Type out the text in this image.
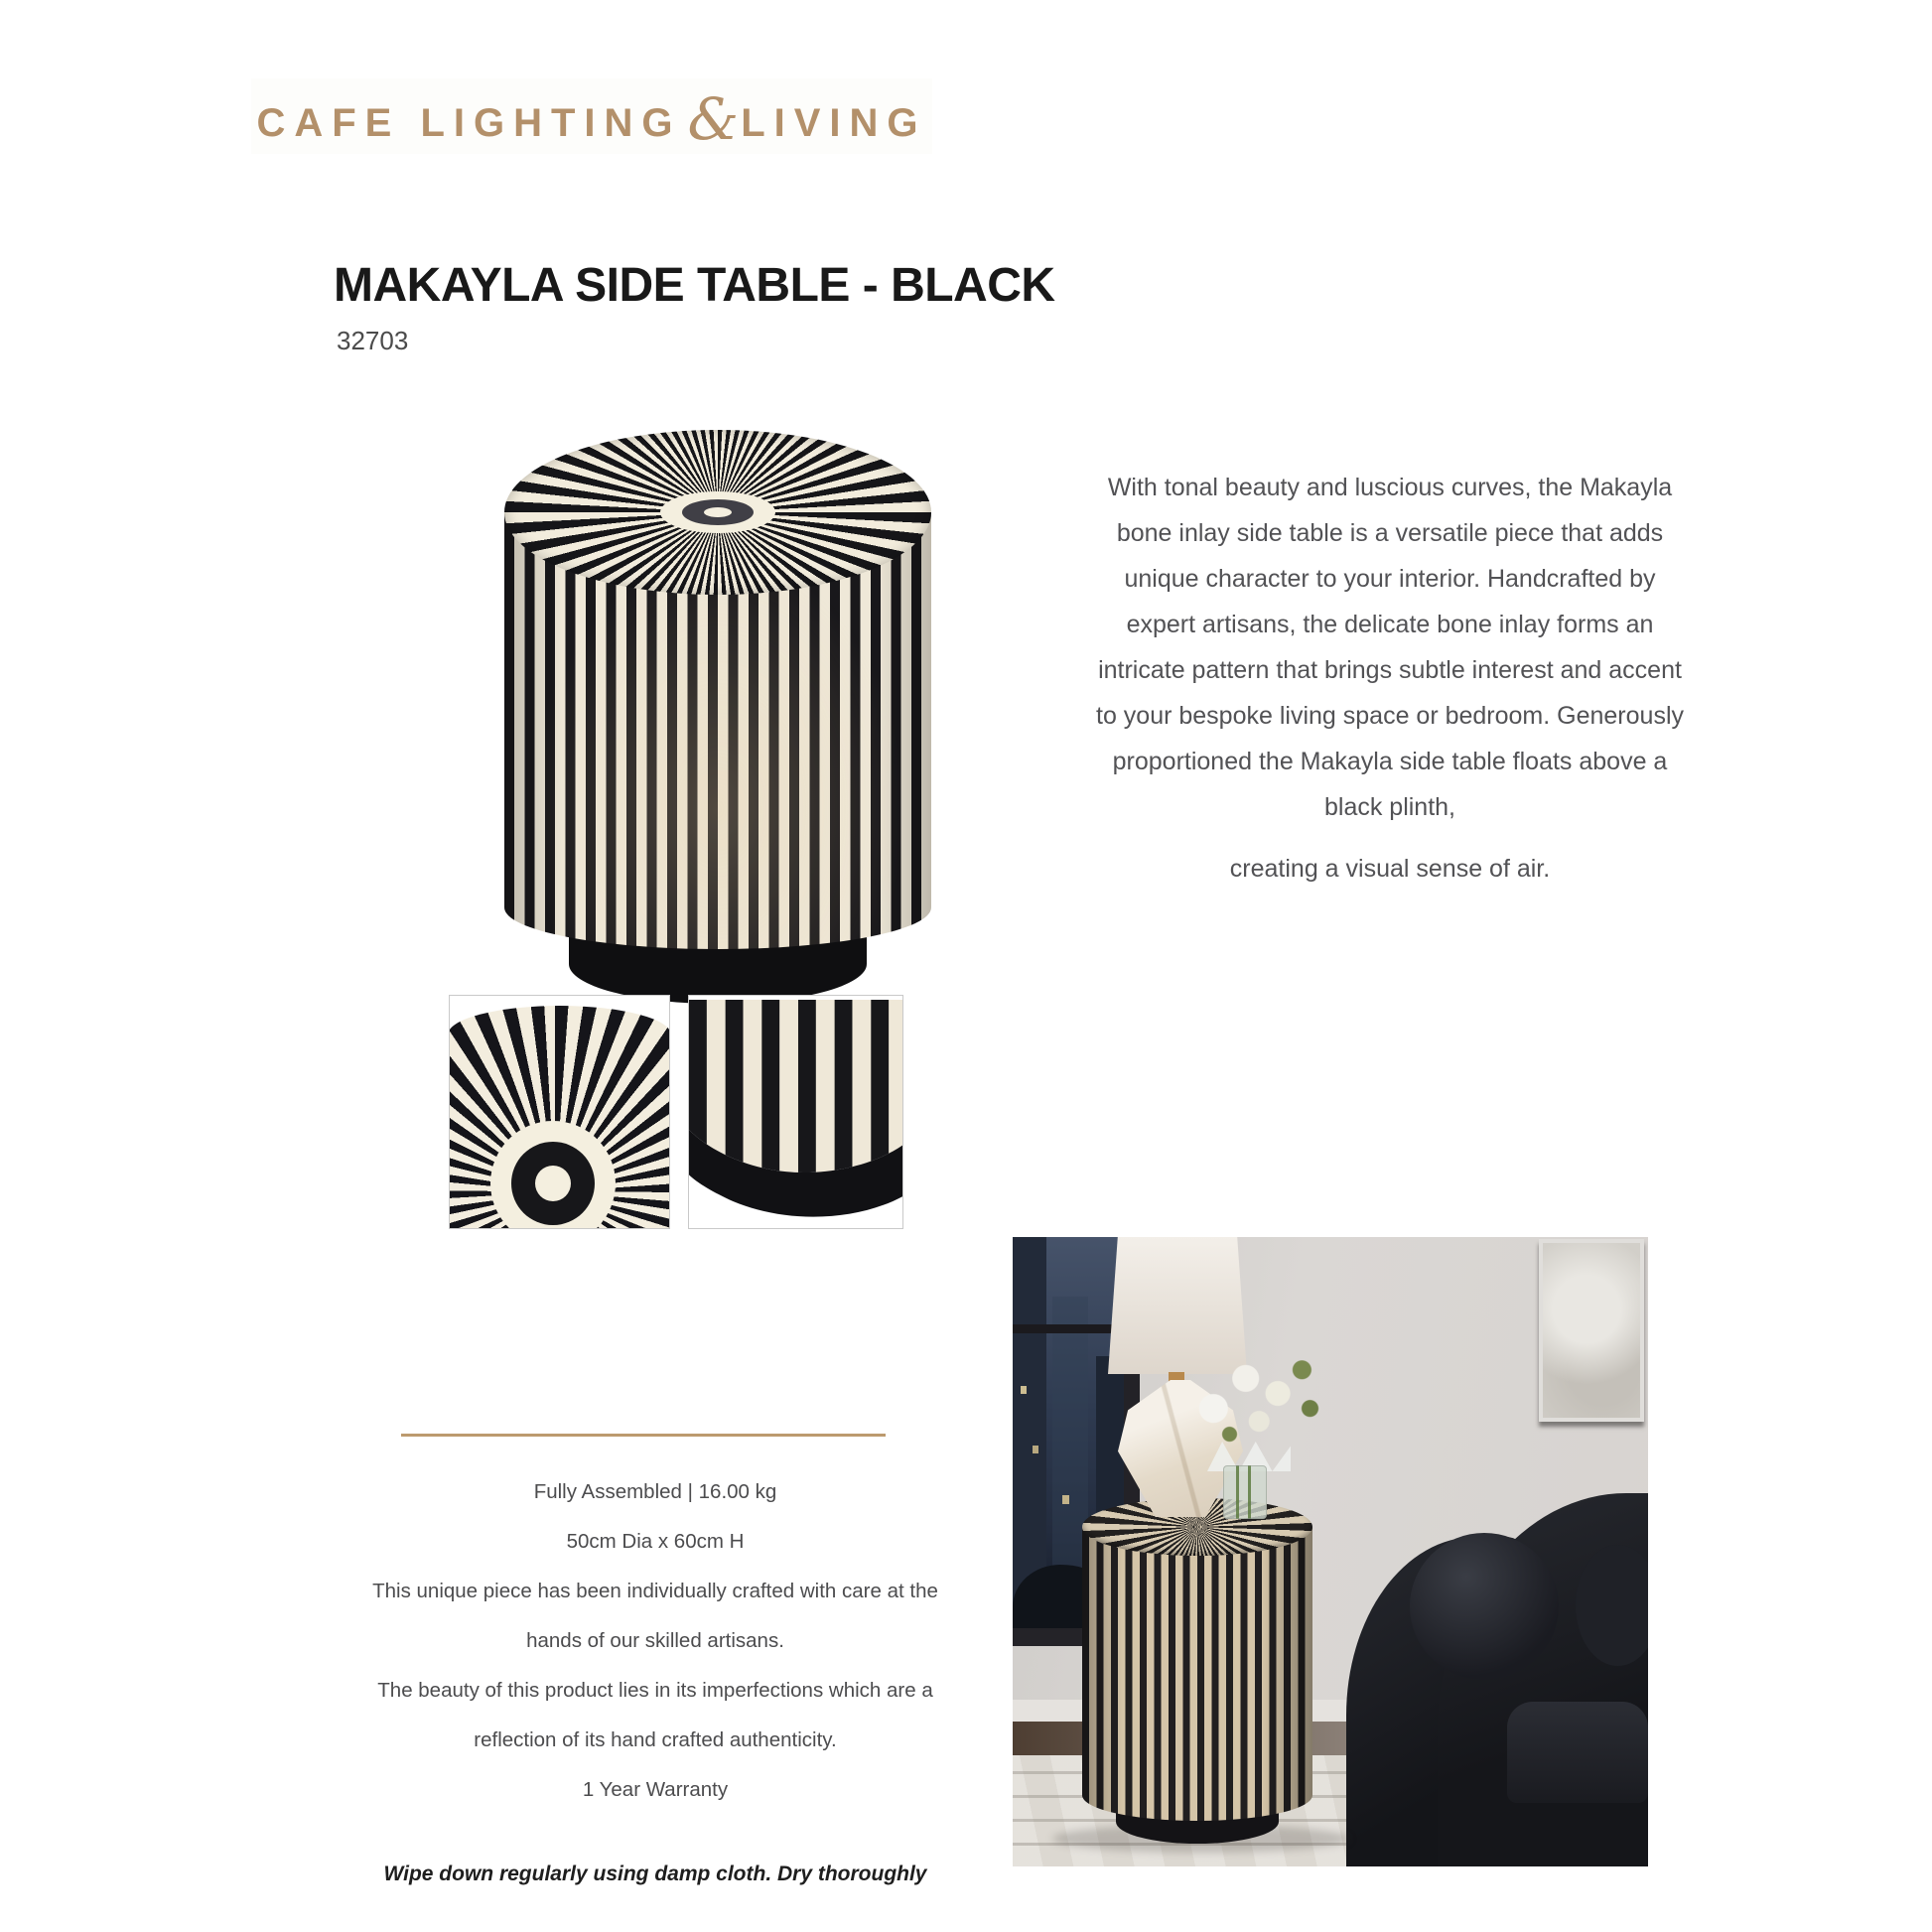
CAFE LIGHTING &LIVING
MAKAYLA SIDE TABLE - BLACK
32703

With tonal beauty and luscious curves, the Makayla bone inlay side table is a versatile piece that adds unique character to your interior. Handcrafted by expert artisans, the delicate bone inlay forms an intricate pattern that brings subtle interest and accent to your bespoke living space or bedroom. Generously proportioned the Makayla side table floats above a black plinth,

creating a visual sense of air.

Fully Assembled | 16.00 kg
50cm Dia x 60cm H
This unique piece has been individually crafted with care at the
hands of our skilled artisans.
The beauty of this product lies in its imperfections which are a
reflection of its hand crafted authenticity.
1 Year Warranty
Wipe down regularly using damp cloth. Dry thoroughly
